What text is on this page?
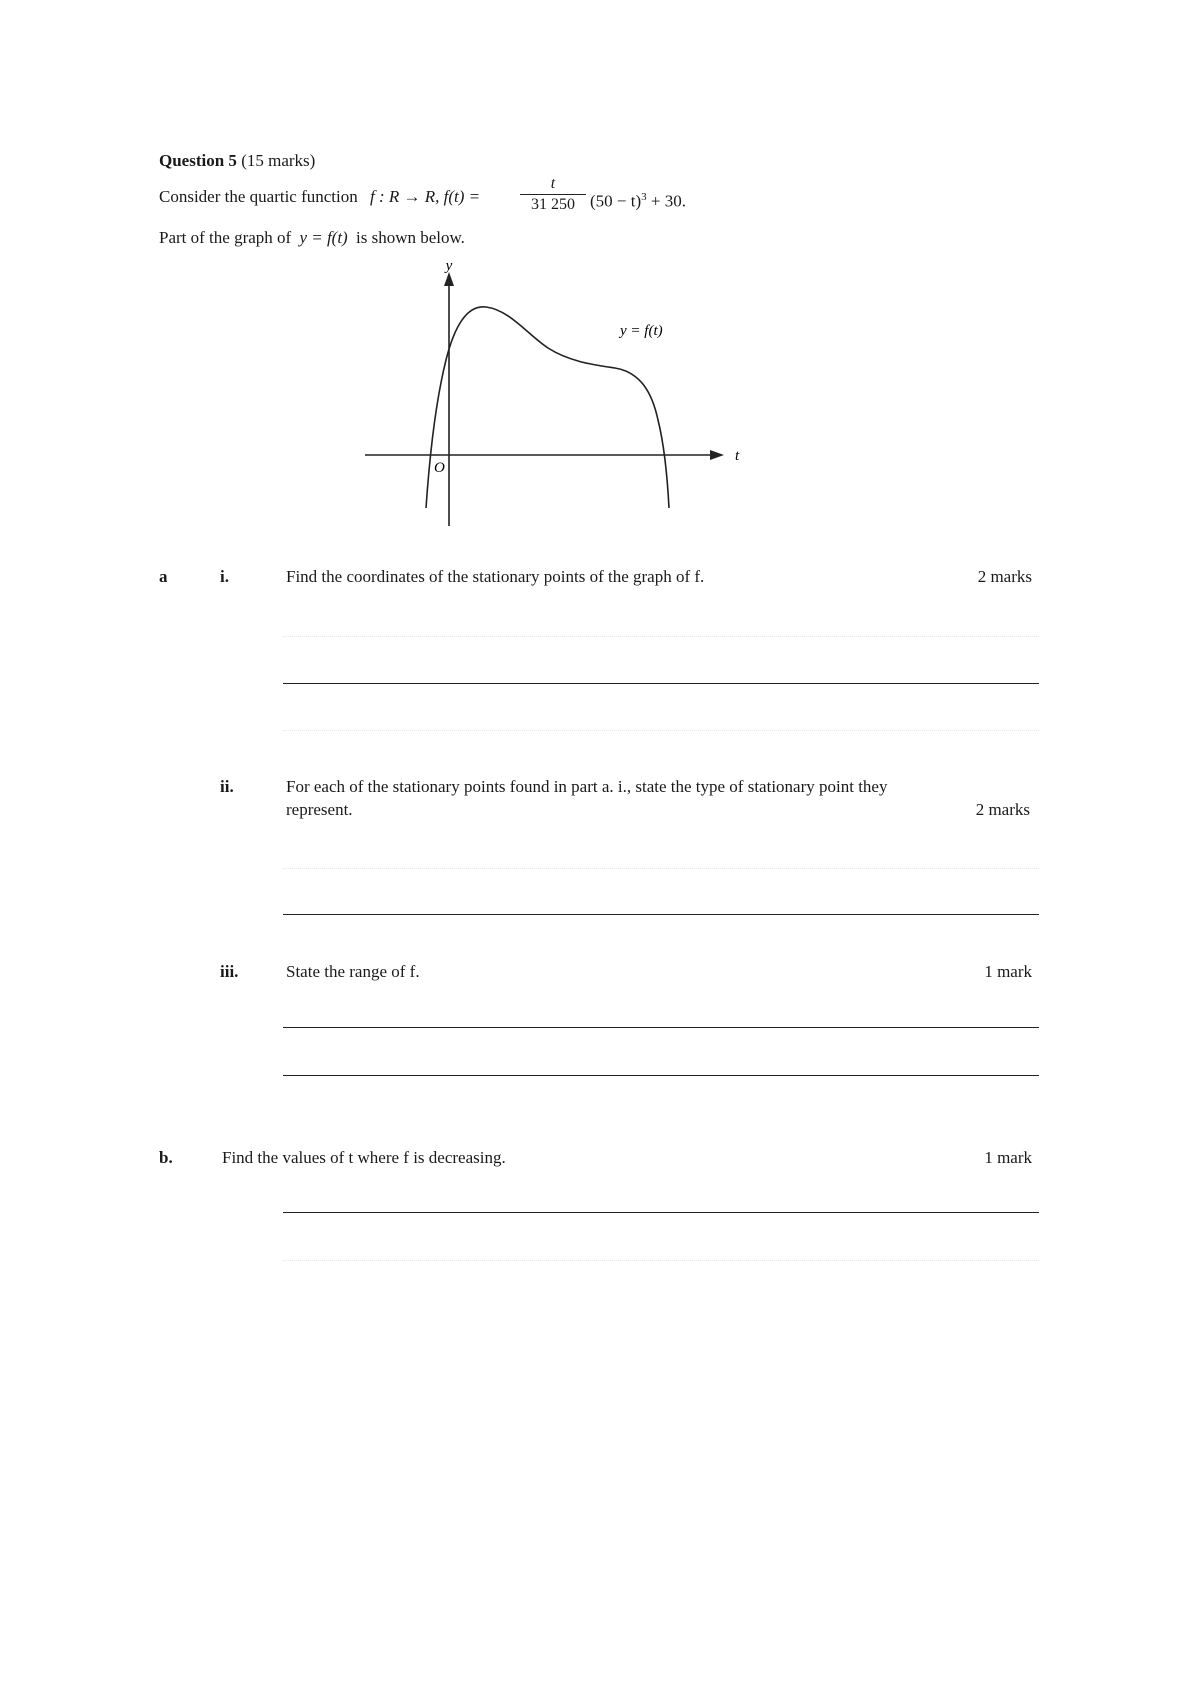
Question 5 (15 marks)
Consider the quartic function f : R → R, f(t) =
t
31 250 $(50 - t)^3 + 30$.
Part of the graph of y = f(t) is shown below.
y
t
O
y = f(t)
a	i.	Find the coordinates of the stationary points of the graph of f.	2 marks
ii.	For each of the stationary points found in part a. i., state the type of stationary point they
represent.	2 marks
iii.	State the range of f.	1 mark
b.	Find the values of t where f is decreasing.	1 mark
